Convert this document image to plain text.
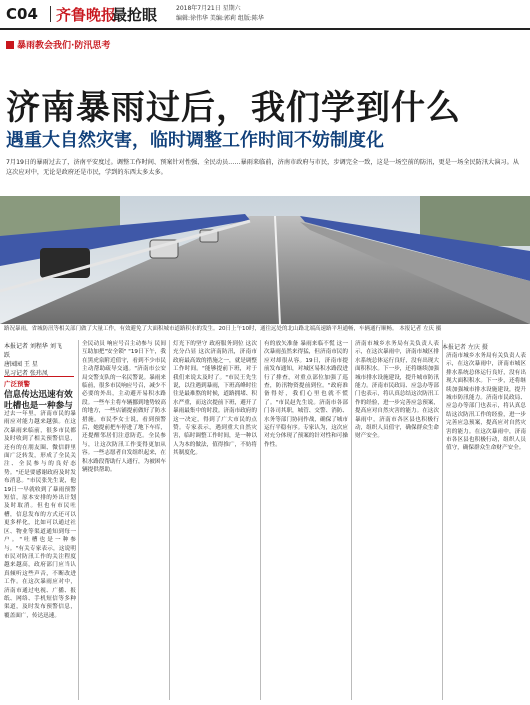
C04 齐鲁晚报
最抢眼	2018年7月21日 星期六
编辑:徐伟华 美编:郭莉 组版:陈华
暴雨教会我们·防汛思考
济南暴雨过后，我们学到什么
遇重大自然灾害，临时调整工作时间不妨制度化
7月19日的暴雨过去了，济南平安度过。调整工作时间、预案针对性强、全民动员……暴雨来临前，济南市政府与市民，步调完全一致，这是一场空前的防汛，更是一场全民防汛大演习。从这次应对中，无论是政府还是市民，学到的东西太多太多。
路况暴雨，省城防汛等相关部门做了大量工作，有效避免了大面积城市道路积水的发生。20日上午10时，通往远处的北山路北端高速路平坦通畅，车辆通行顺畅。 本报记者 左庆 摄
本报记者 刘程华 刘飞跃
唐园园 王 星
见习记者 张玮凤
广泛预警
信息传达迅速有效 吐槽也是一种参与
过去一年里，济南市民的暴雨应对能力越来越强。在这次暴雨来临前，很多市民都及时收到了相关预警信息，还有的在朋友圈、微信群里面广泛转发，形成了全民关注、全民参与的良好态势。"还是要感谢政府及时发布消息。"市民张先生说，他19日一早就收到了暴雨预警短信，原本安排的外出计划及时取消。但也有市民吐槽，信息发布的方式还可以更多样化，比如可以通过社区、物业等渠道通知到每一户。"吐槽也是一种参与。"有关专家表示，这说明市民对防汛工作的关注程度越来越高，政府部门应当认真倾听这些声音，不断改进工作。在这次暴雨应对中，济南市通过电视、广播、报纸、网络、手机短信等多种渠道，及时发布预警信息，覆盖面广，传达迅速。
全民动员 响应号召主动参与 民间互助加把"安全锁" "19日下午，我在黑虎泉附近值守，看到不少市民主动帮助疏导交通。"济南市公安局交警支队的一名民警说。暴雨来临前，很多市民响应号召，减少不必要的外出，主动避开易积水路段。一些车主将车辆挪到地势较高的地方，一些店铺提前做好了防水措施。市民李女士说，看到预警后，她提前把车停进了地下车库，还提醒邻居们注意防范。全民参与，让这次防汛工作变得更加从容。一些志愿者自发组织起来，在积水路段帮助行人通行，为被困车辆提供帮助。
灯光下的坚守 政府服务到位 这次充分凸显 这次济南防汛，济南市政府最高效的措施之一，就是调整工作时间。"能够提前下班，对于我们来说太及时了。"市民王先生说，以往遇到暴雨，下班高峰时往往是最难熬的时候，道路拥堵、积水严重，而这次提前下班，避开了暴雨最集中的时段。济南市政府的这一决定，得到了广大市民的点赞。专家表示，遇到重大自然灾害，临时调整工作时间，是一种以人为本的做法，值得推广，不妨将其制度化。
有的放矢准备 暴雨来临不慌 这一次暴雨虽然来得猛，但济南市民的应对却很从容。19日，济南市提前发布通知，对城区易积水路段进行了排查，对重点部位加强了巡查，防汛物资提前到位。"政府准备得好，我们心里也就不慌了。"市民赵先生说。济南市各部门各司其职，城管、交警、消防、水务等部门协同作战，确保了城市运行平稳有序。专家认为，这次应对充分体现了预案的针对性和可操作性。
济南市城乡水务局有关负责人表示，在这次暴雨中，济南市城区排水系统总体运行良好，没有出现大面积积水。下一步，还将继续加强城市排水设施建设，提升城市防汛能力。济南市民政局、应急办等部门也表示，将认真总结这次防汛工作的经验，进一步完善应急预案，提高应对自然灾害的能力。在这次暴雨中，济南市各区县也积极行动，组织人员值守，确保群众生命财产安全。
济南市城乡水务局有关负责人表示，在这次暴雨中，济南市城区排水系统总体运行良好，没有出现大面积积水。下一步，还将继续加强城市排水设施建设，提升城市防汛能力。济南市民政局、应急办等部门也表示，将认真总结这次防汛工作的经验，进一步完善应急预案，提高应对自然灾害的能力。在这次暴雨中，济南市各区县也积极行动，组织人员值守，确保群众生命财产安全。
本报记者 左庆 摄
